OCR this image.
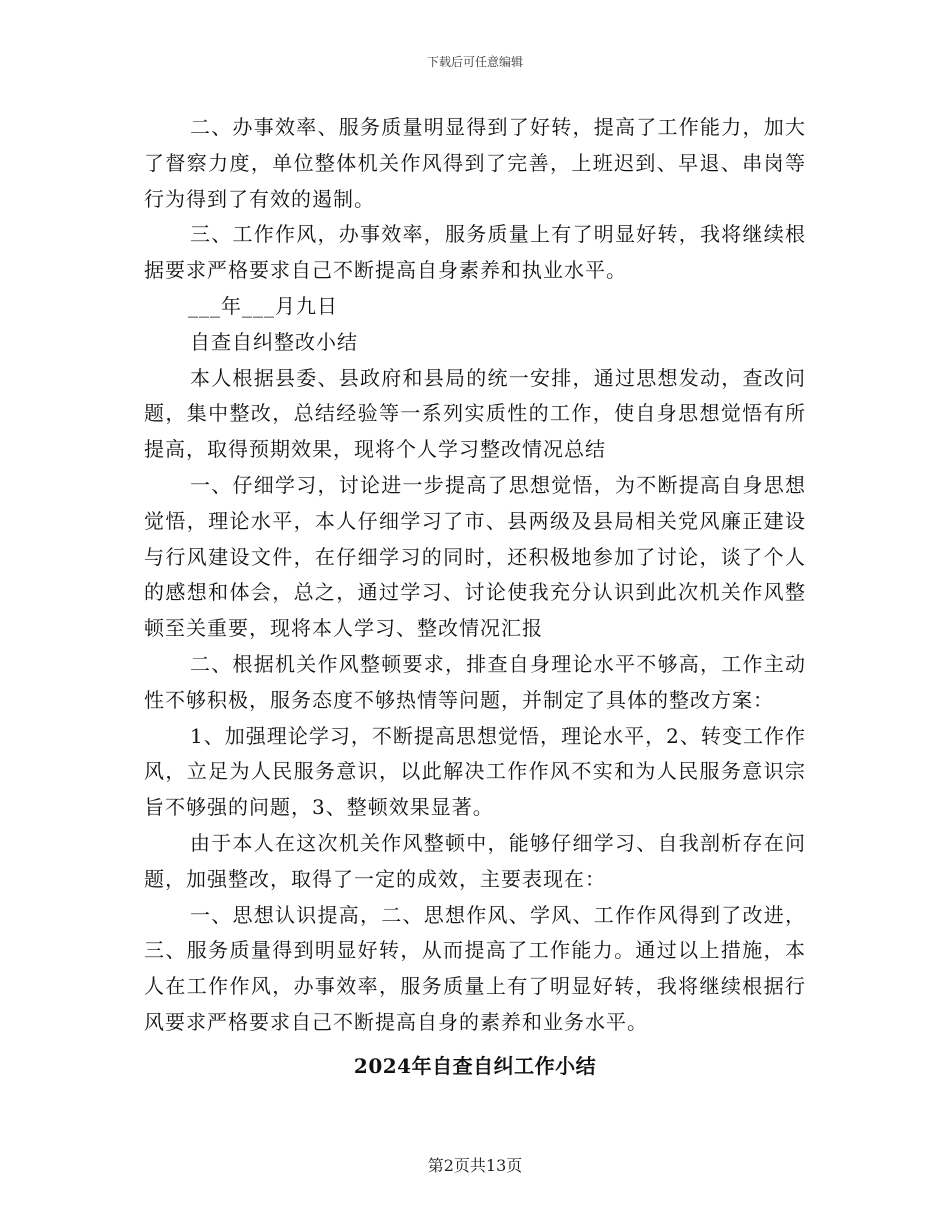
下载后可任意编辑

二、办事效率、服务质量明显得到了好转，提高了工作能力，加大了督察力度，单位整体机关作风得到了完善，上班迟到、早退、串岗等行为得到了有效的遏制。

三、工作作风，办事效率，服务质量上有了明显好转，我将继续根据要求严格要求自己不断提高自身素养和执业水平。

___年___月九日

自查自纠整改小结

本人根据县委、县政府和县局的统一安排，通过思想发动，查改问题，集中整改，总结经验等一系列实质性的工作，使自身思想觉悟有所提高，取得预期效果，现将个人学习整改情况总结

一、仔细学习，讨论进一步提高了思想觉悟，为不断提高自身思想觉悟，理论水平，本人仔细学习了市、县两级及县局相关党风廉正建设与行风建设文件，在仔细学习的同时，还积极地参加了讨论，谈了个人的感想和体会，总之，通过学习、讨论使我充分认识到此次机关作风整顿至关重要，现将本人学习、整改情况汇报

二、根据机关作风整顿要求，排查自身理论水平不够高，工作主动性不够积极，服务态度不够热情等问题，并制定了具体的整改方案：

1、加强理论学习，不断提高思想觉悟，理论水平，2、转变工作作风，立足为人民服务意识，以此解决工作作风不实和为人民服务意识宗旨不够强的问题，3、整顿效果显著。

由于本人在这次机关作风整顿中，能够仔细学习、自我剖析存在问题，加强整改，取得了一定的成效，主要表现在：

一、思想认识提高，二、思想作风、学风、工作作风得到了改进，三、服务质量得到明显好转，从而提高了工作能力。通过以上措施，本人在工作作风，办事效率，服务质量上有了明显好转，我将继续根据行风要求严格要求自己不断提高自身的素养和业务水平。

2024年自查自纠工作小结

第2页共13页
